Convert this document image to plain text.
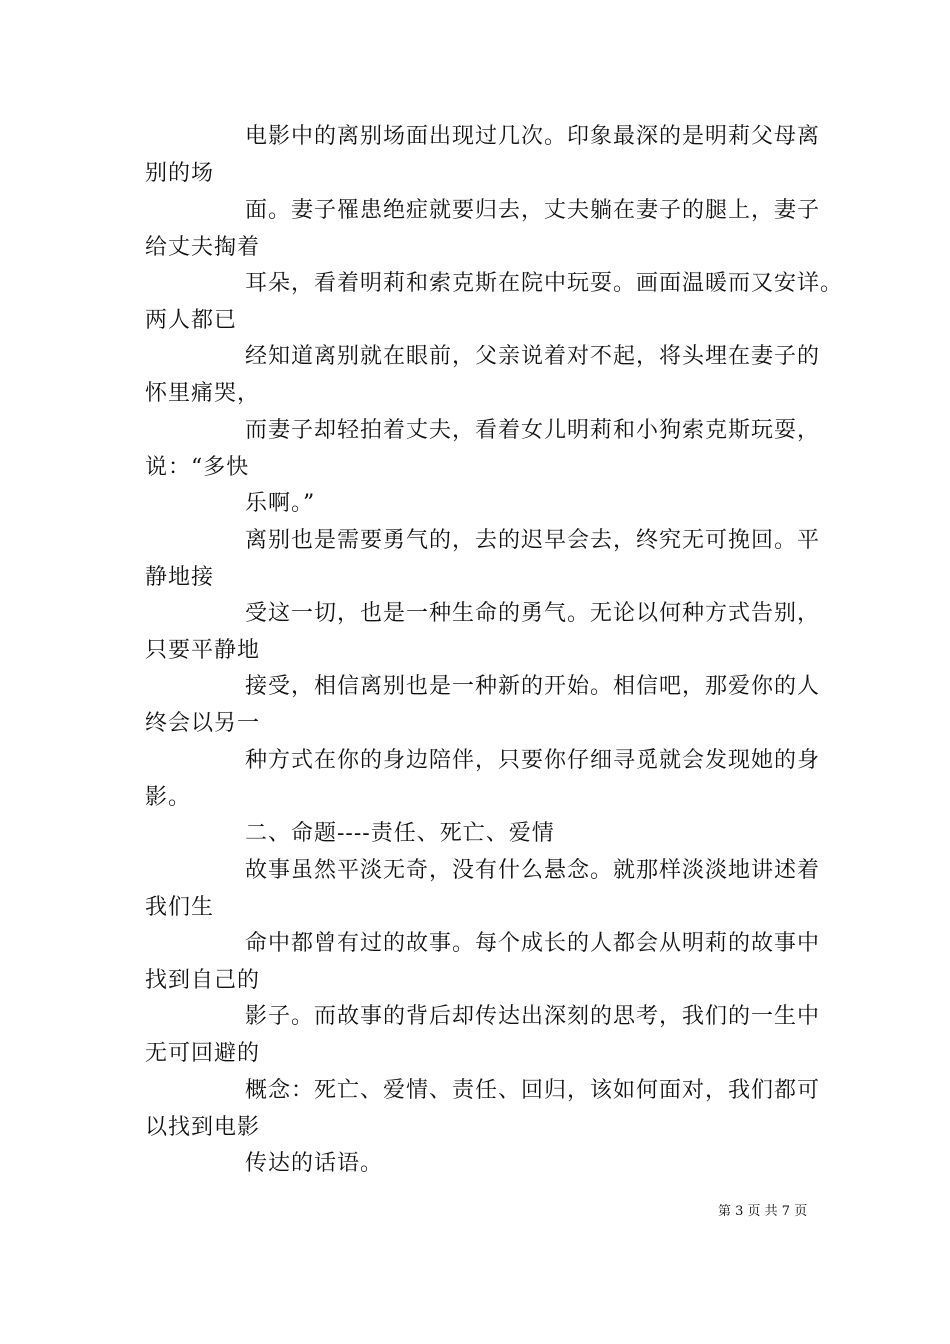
电影中的离别场面出现过几次。印象最深的是明莉父母离
别的场
面。妻子罹患绝症就要归去，丈夫躺在妻子的腿上，妻子
给丈夫掏着
耳朵，看着明莉和索克斯在院中玩耍。画面温暖而又安详。
两人都已
经知道离别就在眼前，父亲说着对不起，将头埋在妻子的
怀里痛哭，
而妻子却轻拍着丈夫，看着女儿明莉和小狗索克斯玩耍，
说：“多快
乐啊。”
离别也是需要勇气的，去的迟早会去，终究无可挽回。平
静地接
受这一切，也是一种生命的勇气。无论以何种方式告别，
只要平静地
接受，相信离别也是一种新的开始。相信吧，那爱你的人
终会以另一
种方式在你的身边陪伴，只要你仔细寻觅就会发现她的身
影。
二、命题----责任、死亡、爱情
故事虽然平淡无奇，没有什么悬念。就那样淡淡地讲述着
我们生
命中都曾有过的故事。每个成长的人都会从明莉的故事中
找到自己的
影子。而故事的背后却传达出深刻的思考，我们的一生中
无可回避的
概念：死亡、爱情、责任、回归，该如何面对，我们都可
以找到电影
传达的话语。
第 3 页 共 7 页
